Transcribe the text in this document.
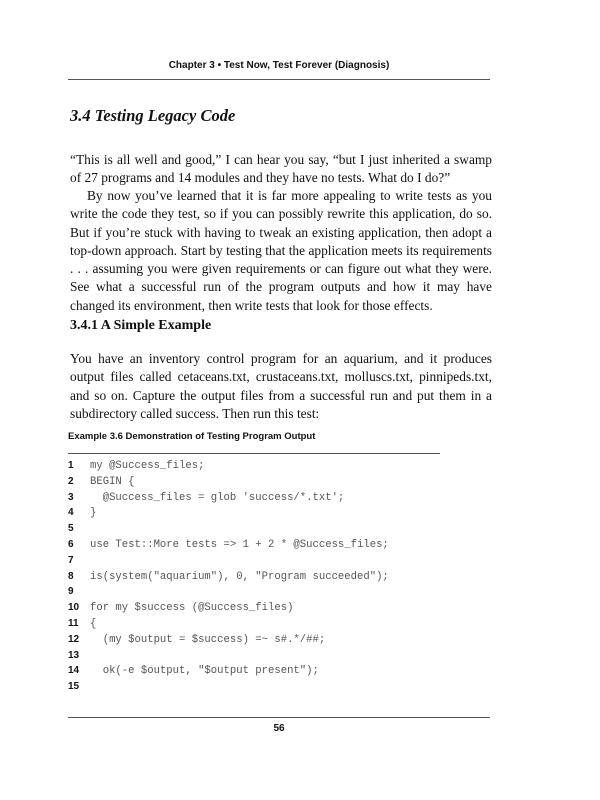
Chapter 3 • Test Now, Test Forever (Diagnosis)
3.4 Testing Legacy Code

“This is all well and good,” I can hear you say, “but I just inherited a swamp of 27 programs and 14 modules and they have no tests. What do I do?”

By now you’ve learned that it is far more appealing to write tests as you write the code they test, so if you can possibly rewrite this application, do so. But if you’re stuck with having to tweak an existing application, then adopt a top-down approach. Start by testing that the application meets its requirements . . . assuming you were given requirements or can figure out what they were. See what a successful run of the program outputs and how it may have changed its environment, then write tests that look for those effects.

3.4.1 A Simple Example

You have an inventory control program for an aquarium, and it produces output files called cetaceans.txt, crustaceans.txt, molluscs.txt, pinnipeds.txt, and so on. Capture the output files from a successful run and put them in a subdirectory called success. Then run this test:

Example 3.6 Demonstration of Testing Program Output
1 my @Success_files;
2 BEGIN {
3  @Success_files = glob 'success/*.txt';
4 }
5
6 use Test::More tests => 1 + 2 * @Success_files;
7
8 is(system("aquarium"), 0, "Program succeeded");
9
10 for my $success (@Success_files)
11 {
12  (my $output = $success) =~ s#.*/##;
13
14  ok(-e $output, "$output present");
15
56
